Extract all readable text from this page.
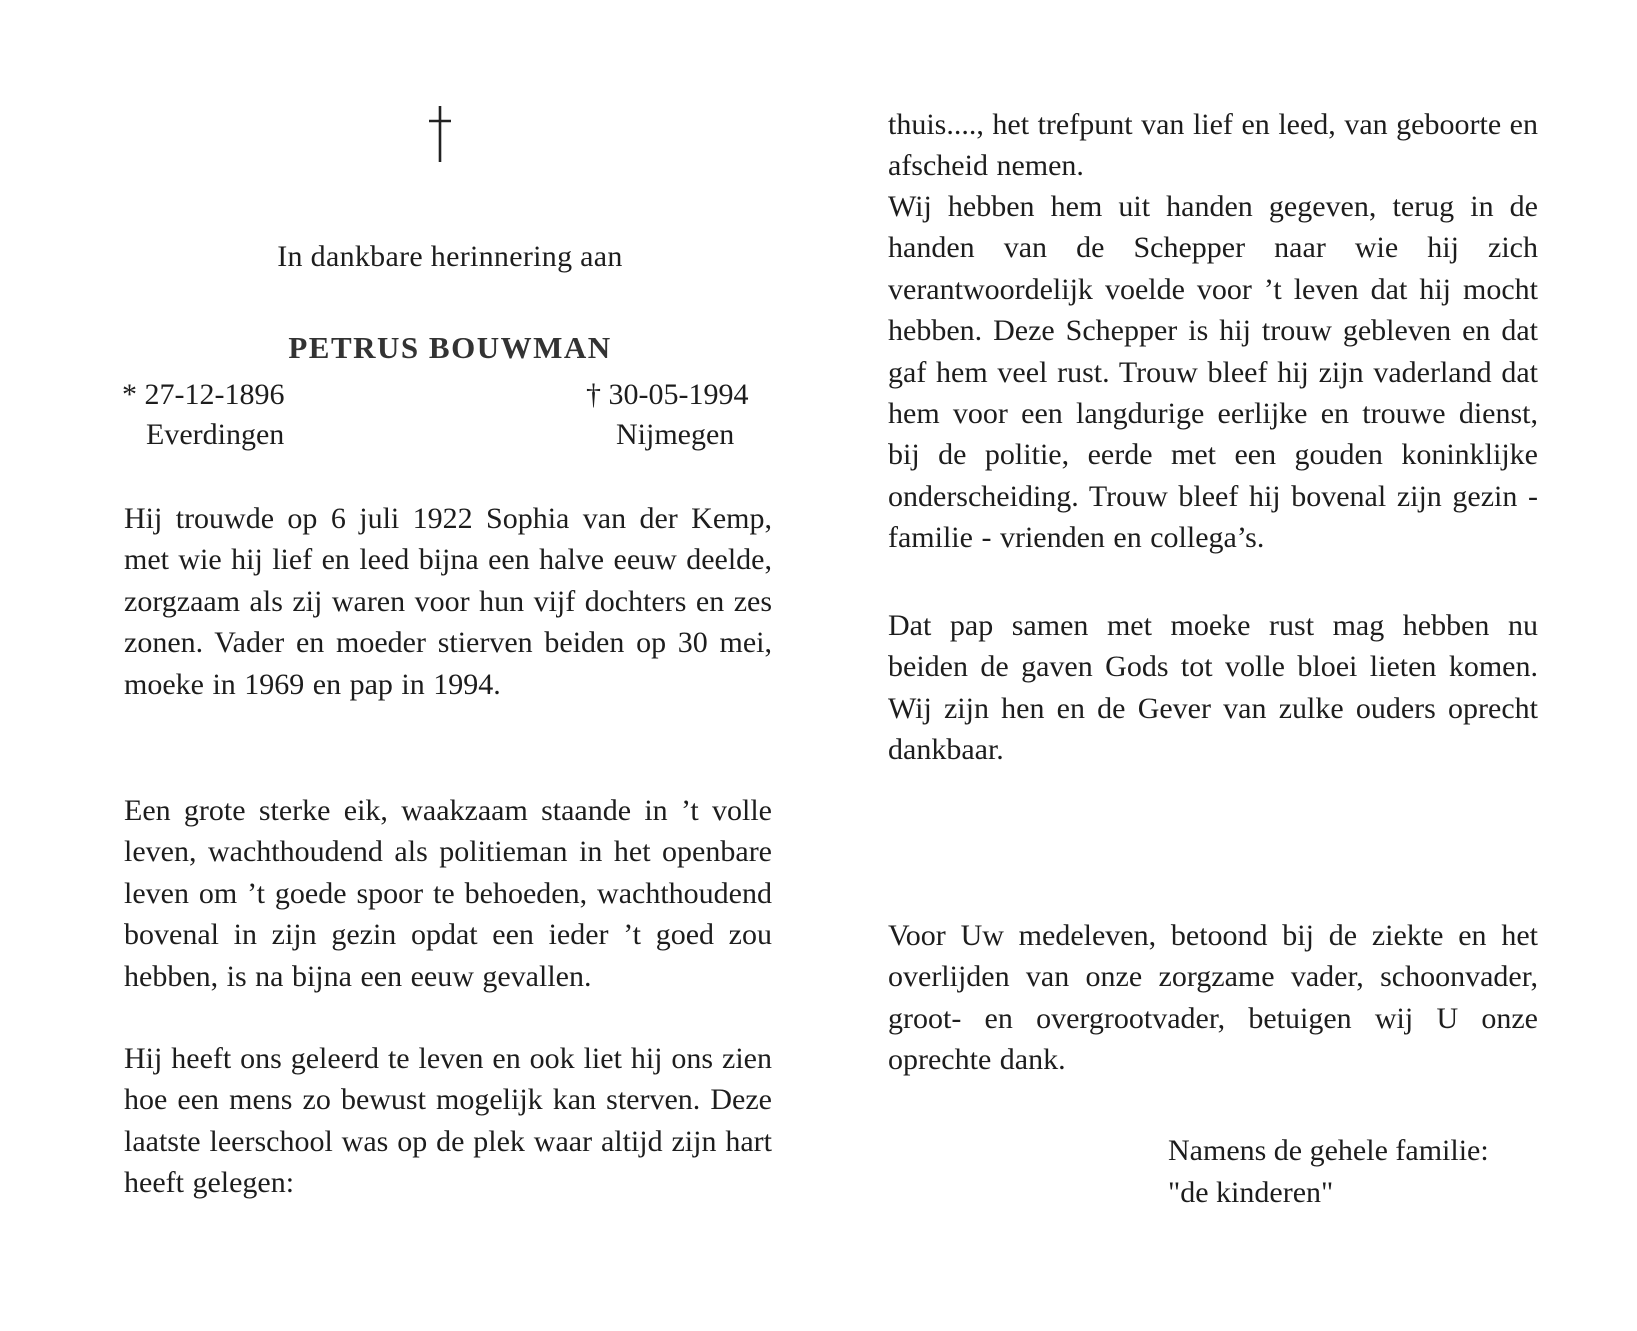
In dankbare herinnering aan
PETRUS BOUWMAN
* 27-12-1896	† 30-05-1994
Everdingen	Nijmegen

Hij trouwde op 6 juli 1922 Sophia van der Kemp, met wie hij lief en leed bijna een halve eeuw deelde, zorgzaam als zij waren voor hun vijf dochters en zes zonen. Vader en moeder stierven beiden op 30 mei, moeke in 1969 en pap in 1994.

Een grote sterke eik, waakzaam staande in ’t volle leven, wachthoudend als politieman in het openbare leven om ’t goede spoor te behoeden, wachthoudend bovenal in zijn gezin opdat een ieder ’t goed zou hebben, is na bijna een eeuw gevallen.

Hij heeft ons geleerd te leven en ook liet hij ons zien hoe een mens zo bewust mogelijk kan sterven. Deze laatste leerschool was op de plek waar altijd zijn hart heeft gelegen:

thuis...., het trefpunt van lief en leed, van geboorte en afscheid nemen.

Wij hebben hem uit handen gegeven, terug in de handen van de Schepper naar wie hij zich verantwoordelijk voelde voor ’t leven dat hij mocht hebben. Deze Schepper is hij trouw gebleven en dat gaf hem veel rust. Trouw bleef hij zijn vaderland dat hem voor een langdurige eerlijke en trouwe dienst, bij de politie, eerde met een gouden koninklijke onderscheiding. Trouw bleef hij bovenal zijn gezin - familie - vrienden en collega’s.

Dat pap samen met moeke rust mag hebben nu beiden de gaven Gods tot volle bloei lieten komen. Wij zijn hen en de Gever van zulke ouders oprecht dankbaar.

Voor Uw medeleven, betoond bij de ziekte en het overlijden van onze zorgzame vader, schoonvader, groot- en overgrootvader, betuigen wij U onze oprechte dank.

Namens de gehele familie:
"de kinderen"
